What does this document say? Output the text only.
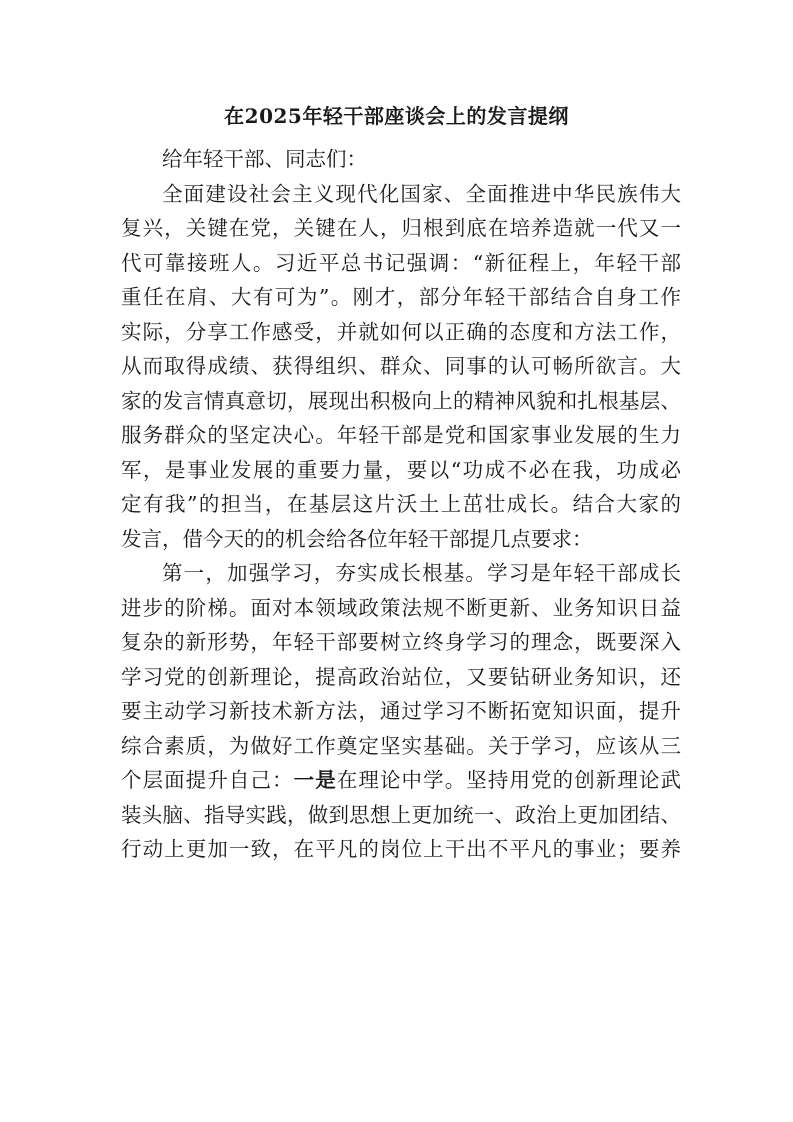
在2025年轻干部座谈会上的发言提纲
给年轻干部、同志们：
全面建设社会主义现代化国家、全面推进中华民族伟大
复兴，关键在党，关键在人，归根到底在培养造就一代又一
代可靠接班人。习近平总书记强调：“新征程上，年轻干部
重任在肩、大有可为”。刚才，部分年轻干部结合自身工作
实际，分享工作感受，并就如何以正确的态度和方法工作，
从而取得成绩、获得组织、群众、同事的认可畅所欲言。大
家的发言情真意切，展现出积极向上的精神风貌和扎根基层、
服务群众的坚定决心。年轻干部是党和国家事业发展的生力
军，是事业发展的重要力量，要以“功成不必在我，功成必
定有我”的担当，在基层这片沃土上茁壮成长。结合大家的
发言，借今天的的机会给各位年轻干部提几点要求：
第一，加强学习，夯实成长根基。学习是年轻干部成长
进步的阶梯。面对本领域政策法规不断更新、业务知识日益
复杂的新形势，年轻干部要树立终身学习的理念，既要深入
学习党的创新理论，提高政治站位，又要钻研业务知识，还
要主动学习新技术新方法，通过学习不断拓宽知识面，提升
综合素质，为做好工作奠定坚实基础。关于学习，应该从三
个层面提升自己：一是在理论中学。坚持用党的创新理论武
装头脑、指导实践，做到思想上更加统一、政治上更加团结、
行动上更加一致，在平凡的岗位上干出不平凡的事业；要养
